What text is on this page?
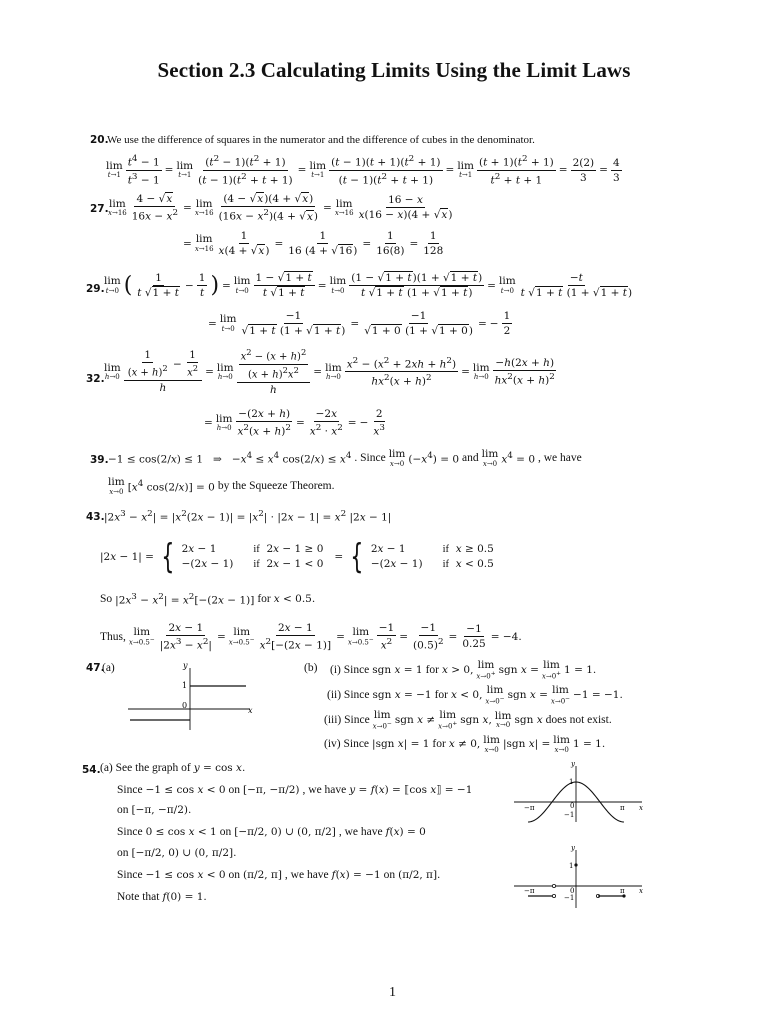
Section 2.3 Calculating Limits Using the Limit Laws
20.
We use the difference of squares in the numerator and the difference of cubes in the denominator.
lim
$t\to 1 \frac{t^4 - 1}{t^3 - 1} = \lim$
$t\to 1 \frac{(t^2 - 1)(t^2 + 1)}{(t - 1)(t^2 + t + 1)} = \lim$
$t\to 1 \frac{(t - 1)(t + 1)(t^2 + 1)}{(t - 1)(t^2 + t + 1)} = \lim$
$t\to 1 \frac{(t + 1)(t^2 + 1)}{t^2 + t + 1} = \frac{2(2)}{3} = \frac{4}{3}$
27. lim
$x\to 16 \frac{4 - √x}{16x - x^2} = \lim$
$x\to 16 \frac{(4 - √x)(4 + √x)}{(16x - x^2)(4 + √x)} = \lim$
$x\to 16 \frac{16 - x}{x(16 - x)(4 + √x)}$
= lim
$x\to 16 \frac{1}{x(4 + √x)} = \frac{1}{16 (4 + √16)} = \frac{1}{16(8)} = \frac{1}{128}$
29.
lim
t→0 ( $\frac{1}{t √1 + t} - \frac{1}{t}$ ) = lim
$t\to 0 \frac{1 - √1 + t}{t √1 + t} = \lim$
$t\to 0 \frac{(1 - √1 + t)(1 + √1 + t)}{t √1 + t (1 + √1 + t)} = \lim$
$t\to 0 \frac{-t}{t √1 + t (1 + √1 + t)}$
= lim
$t\to 0 \frac{-1}{√1 + t (1 + √1 + t)} = \frac{-1}{√1 + 0 (1 + √1 + 0)}$ = − $\frac{1}{2}$
32.
lim
$h\to 0 \frac{\frac{1}{(x + h)^2} - \frac{1}{x^2}}{h} = \lim$
$h\to 0 \frac{\frac{x^2 - (x + h)^2}{(x + h)^2x^2}}{h} = \lim$
$h\to 0 \frac{x^2 - (x^2 + 2xh + h^2)}{hx^2(x + h)^2} = \lim$
$h\to 0 \frac{-h(2x + h)}{hx^2(x + h)^2}$
= lim
$h\to 0 \frac{-(2x + h)}{x^2(x + h)^2} = \frac{-2x}{x^2 \cdot x^2}$ = − $\frac{2}{x^3}$
39. −1 ≤ cos(2/x) ≤ 1   ⇒   $-x^4 \le x^4$ $\cos(2/x) \le x^4$ . Since lim
x→0 $(-x^4) = 0$ and lim
x→0 $x^4 = 0$ , we have
lim
x→0 [$x^4$ cos(2/x)] = 0 by the Squeeze Theorem.
43. $|2x^3 - x^2| = |x^2(2x - 1)| = |x^2| \cdot |2x - 1| = x^2$ |2x − 1|
|2x − 1| = { 2x − 1	if  2x − 1 ≥ 0
−(2x − 1) if  2x − 1 < 0
= { 2x − 1	if x ≥ 0.5
−(2x − 1) if x < 0.5
So $|2x^3 - x^2| = x^2[-(2x - 1)]$ for x < 0.5.
Thus, lim
$x\to 0.5^- \frac{2x - 1}{|2x^3 - x^2|} = \lim$
$x\to 0.5^- \frac{2x - 1}{x^2[-(2x - 1)]} = \lim$
$x\to 0.5^- \frac{-1}{x^2} = \frac{-1}{(0.5)^2} = \frac{-1}{0.25} = -4$.
47.
(a)	y
x
1
0
(b) (i) Since sgn x = 1 for x > 0, lim
x→0+ sgn x = lim
x→0+ 1 = 1.
(ii) Since sgn x = −1 for x < 0, lim
x→0− sgn x = lim
x→0− −1 = −1.
(iii) Since lim
x→0− sgn x ≠ lim
x→0+ sgn x, lim
x→0 sgn x does not exist.
(iv) Since |sgn x| = 1 for x ≠ 0, lim
x→0 |sgn x| = lim
x→0 1 = 1.
54. (a) See the graph of y = cos x.
Since −1 ≤ cos x < 0 on [−π, −π/2) , we have y = f(x) = ⟦cos x⟧ = −1
on [−π, −π/2).
Since 0 ≤ cos x < 1 on [−π/2, 0) ∪ (0, π/2] , we have f(x) = 0
on [−π/2, 0) ∪ (0, π/2].
Since −1 ≤ cos x < 0 on (π/2, π] , we have f(x) = −1 on (π/2, π].
Note that f(0) = 1.
y
x
1
0
−1
−π	π
y
x
1
0
−1
−π	π
1
